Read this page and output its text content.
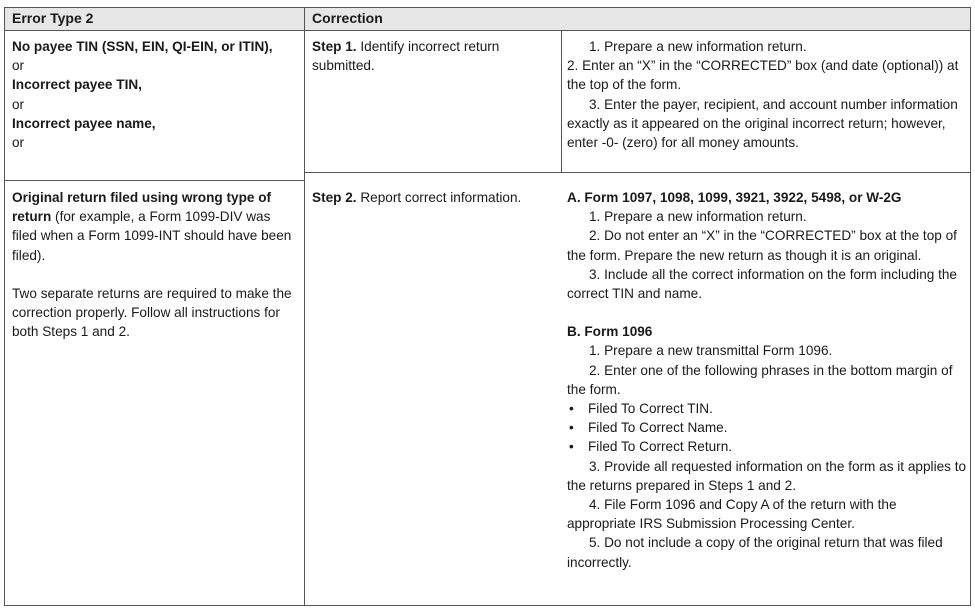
Error Type 2	Correction
No payee TIN (SSN, EIN, QI-EIN, or ITIN),
or
Incorrect payee TIN,
or
Incorrect payee name,
or
Original return filed using wrong type of return (for example, a Form 1099-DIV was filed when a Form 1099-INT should have been filed).
Two separate returns are required to make the correction properly. Follow all instructions for both Steps 1 and 2.
Step 1. Identify incorrect return submitted.
1. Prepare a new information return.
2. Enter an “X” in the “CORRECTED” box (and date (optional)) at the top of the form.
3. Enter the payer, recipient, and account number information exactly as it appeared on the original incorrect return; however, enter -0- (zero) for all money amounts.
Step 2. Report correct information.	A. Form 1097, 1098, 1099, 3921, 3922, 5498, or W-2G
1. Prepare a new information return.
2. Do not enter an “X” in the “CORRECTED” box at the top of the form. Prepare the new return as though it is an original.
3. Include all the correct information on the form including the correct TIN and name.
B. Form 1096
1. Prepare a new transmittal Form 1096.
2. Enter one of the following phrases in the bottom margin of the form.
• Filed To Correct TIN.
• Filed To Correct Name.
• Filed To Correct Return.
3. Provide all requested information on the form as it applies to the returns prepared in Steps 1 and 2.
4. File Form 1096 and Copy A of the return with the appropriate IRS Submission Processing Center.
5. Do not include a copy of the original return that was filed incorrectly.
